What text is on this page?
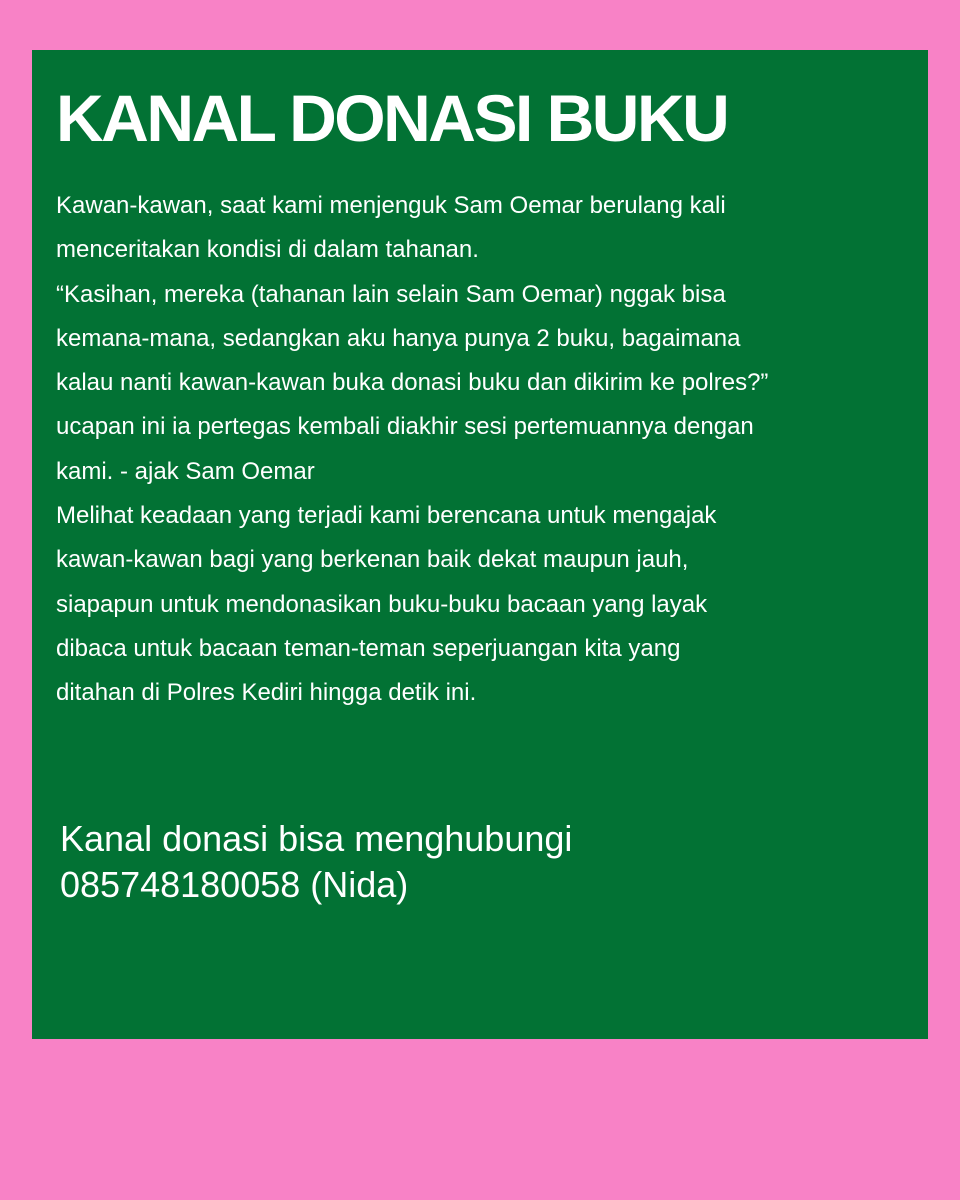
KANAL DONASI BUKU
Kawan-kawan, saat kami menjenguk Sam Oemar berulang kali
menceritakan kondisi di dalam tahanan.
“Kasihan, mereka (tahanan lain selain Sam Oemar) nggak bisa
kemana-mana, sedangkan aku hanya punya 2 buku, bagaimana
kalau nanti kawan-kawan buka donasi buku dan dikirim ke polres?”
ucapan ini ia pertegas kembali diakhir sesi pertemuannya dengan
kami. - ajak Sam Oemar
Melihat keadaan yang terjadi kami berencana untuk mengajak
kawan-kawan bagi yang berkenan baik dekat maupun jauh,
siapapun untuk mendonasikan buku-buku bacaan yang layak
dibaca untuk bacaan teman-teman seperjuangan kita yang
ditahan di Polres Kediri hingga detik ini.
Kanal donasi bisa menghubungi
085748180058 (Nida)
